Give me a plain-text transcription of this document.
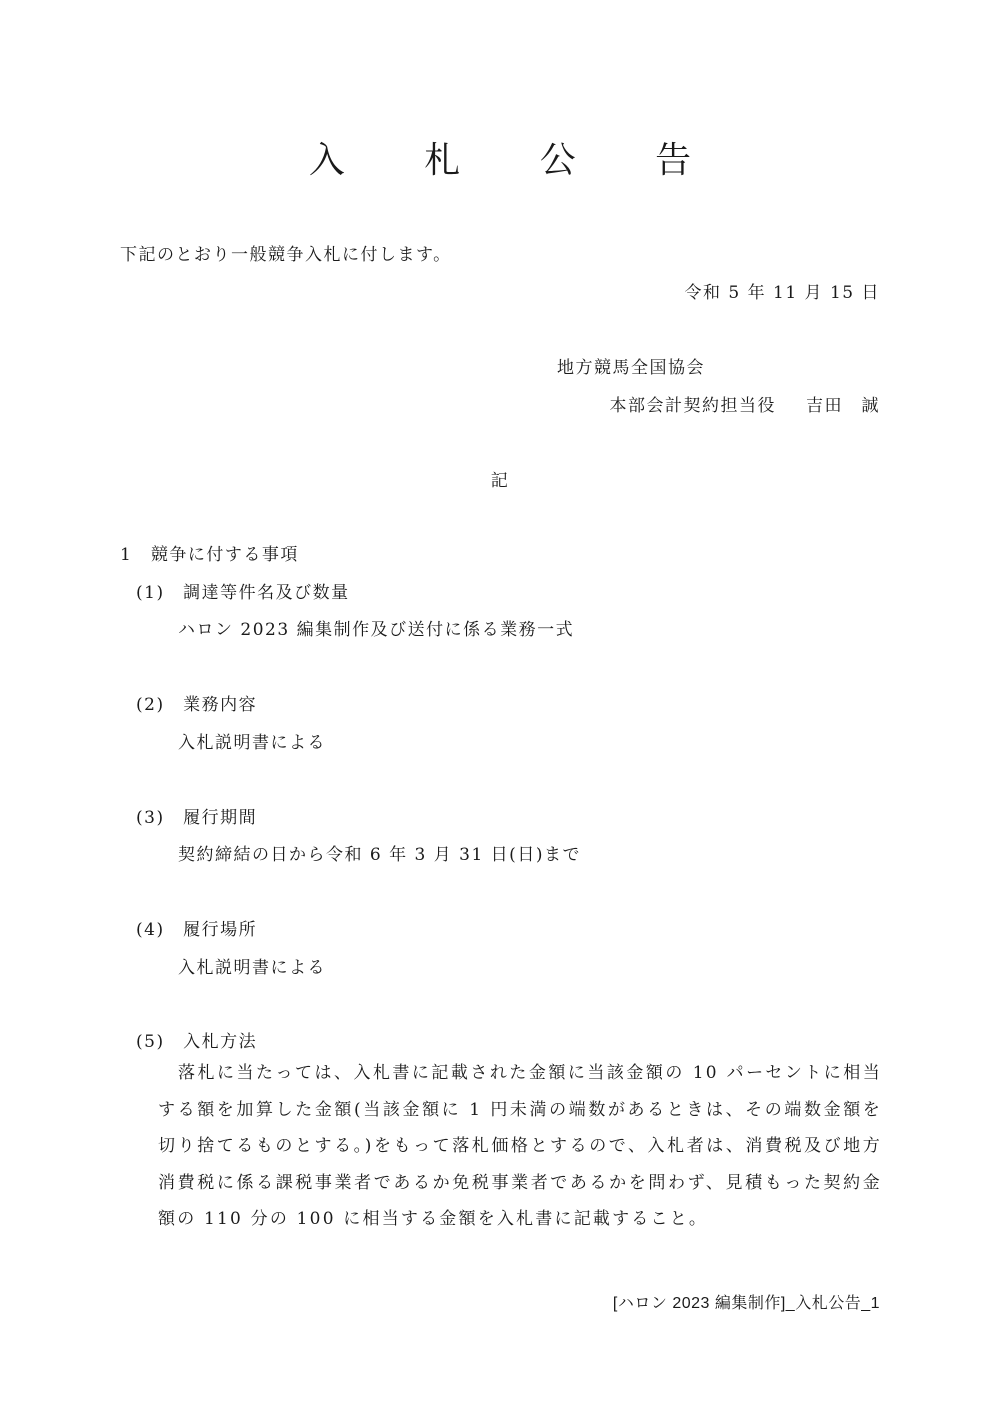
入 札 公 告
下記のとおり一般競争入札に付します。
令和 5 年 11 月 15 日
地方競馬全国協会
本部会計契約担当役 吉田　誠
記
1　競争に付する事項
(1)　調達等件名及び数量
ハロン 2023 編集制作及び送付に係る業務一式
(2)　業務内容
入札説明書による
(3)　履行期間
契約締結の日から令和 6 年 3 月 31 日(日)まで
(4)　履行場所
入札説明書による
(5)　入札方法
落札に当たっては、入札書に記載された金額に当該金額の 10 パーセントに相当する額を加算した金額(当該金額に 1 円未満の端数があるときは、その端数金額を切り捨てるものとする。)をもって落札価格とするので、入札者は、消費税及び地方消費税に係る課税事業者であるか免税事業者であるかを問わず、見積もった契約金額の 110 分の 100 に相当する金額を入札書に記載すること。
[ハロン 2023 編集制作]_入札公告_1
